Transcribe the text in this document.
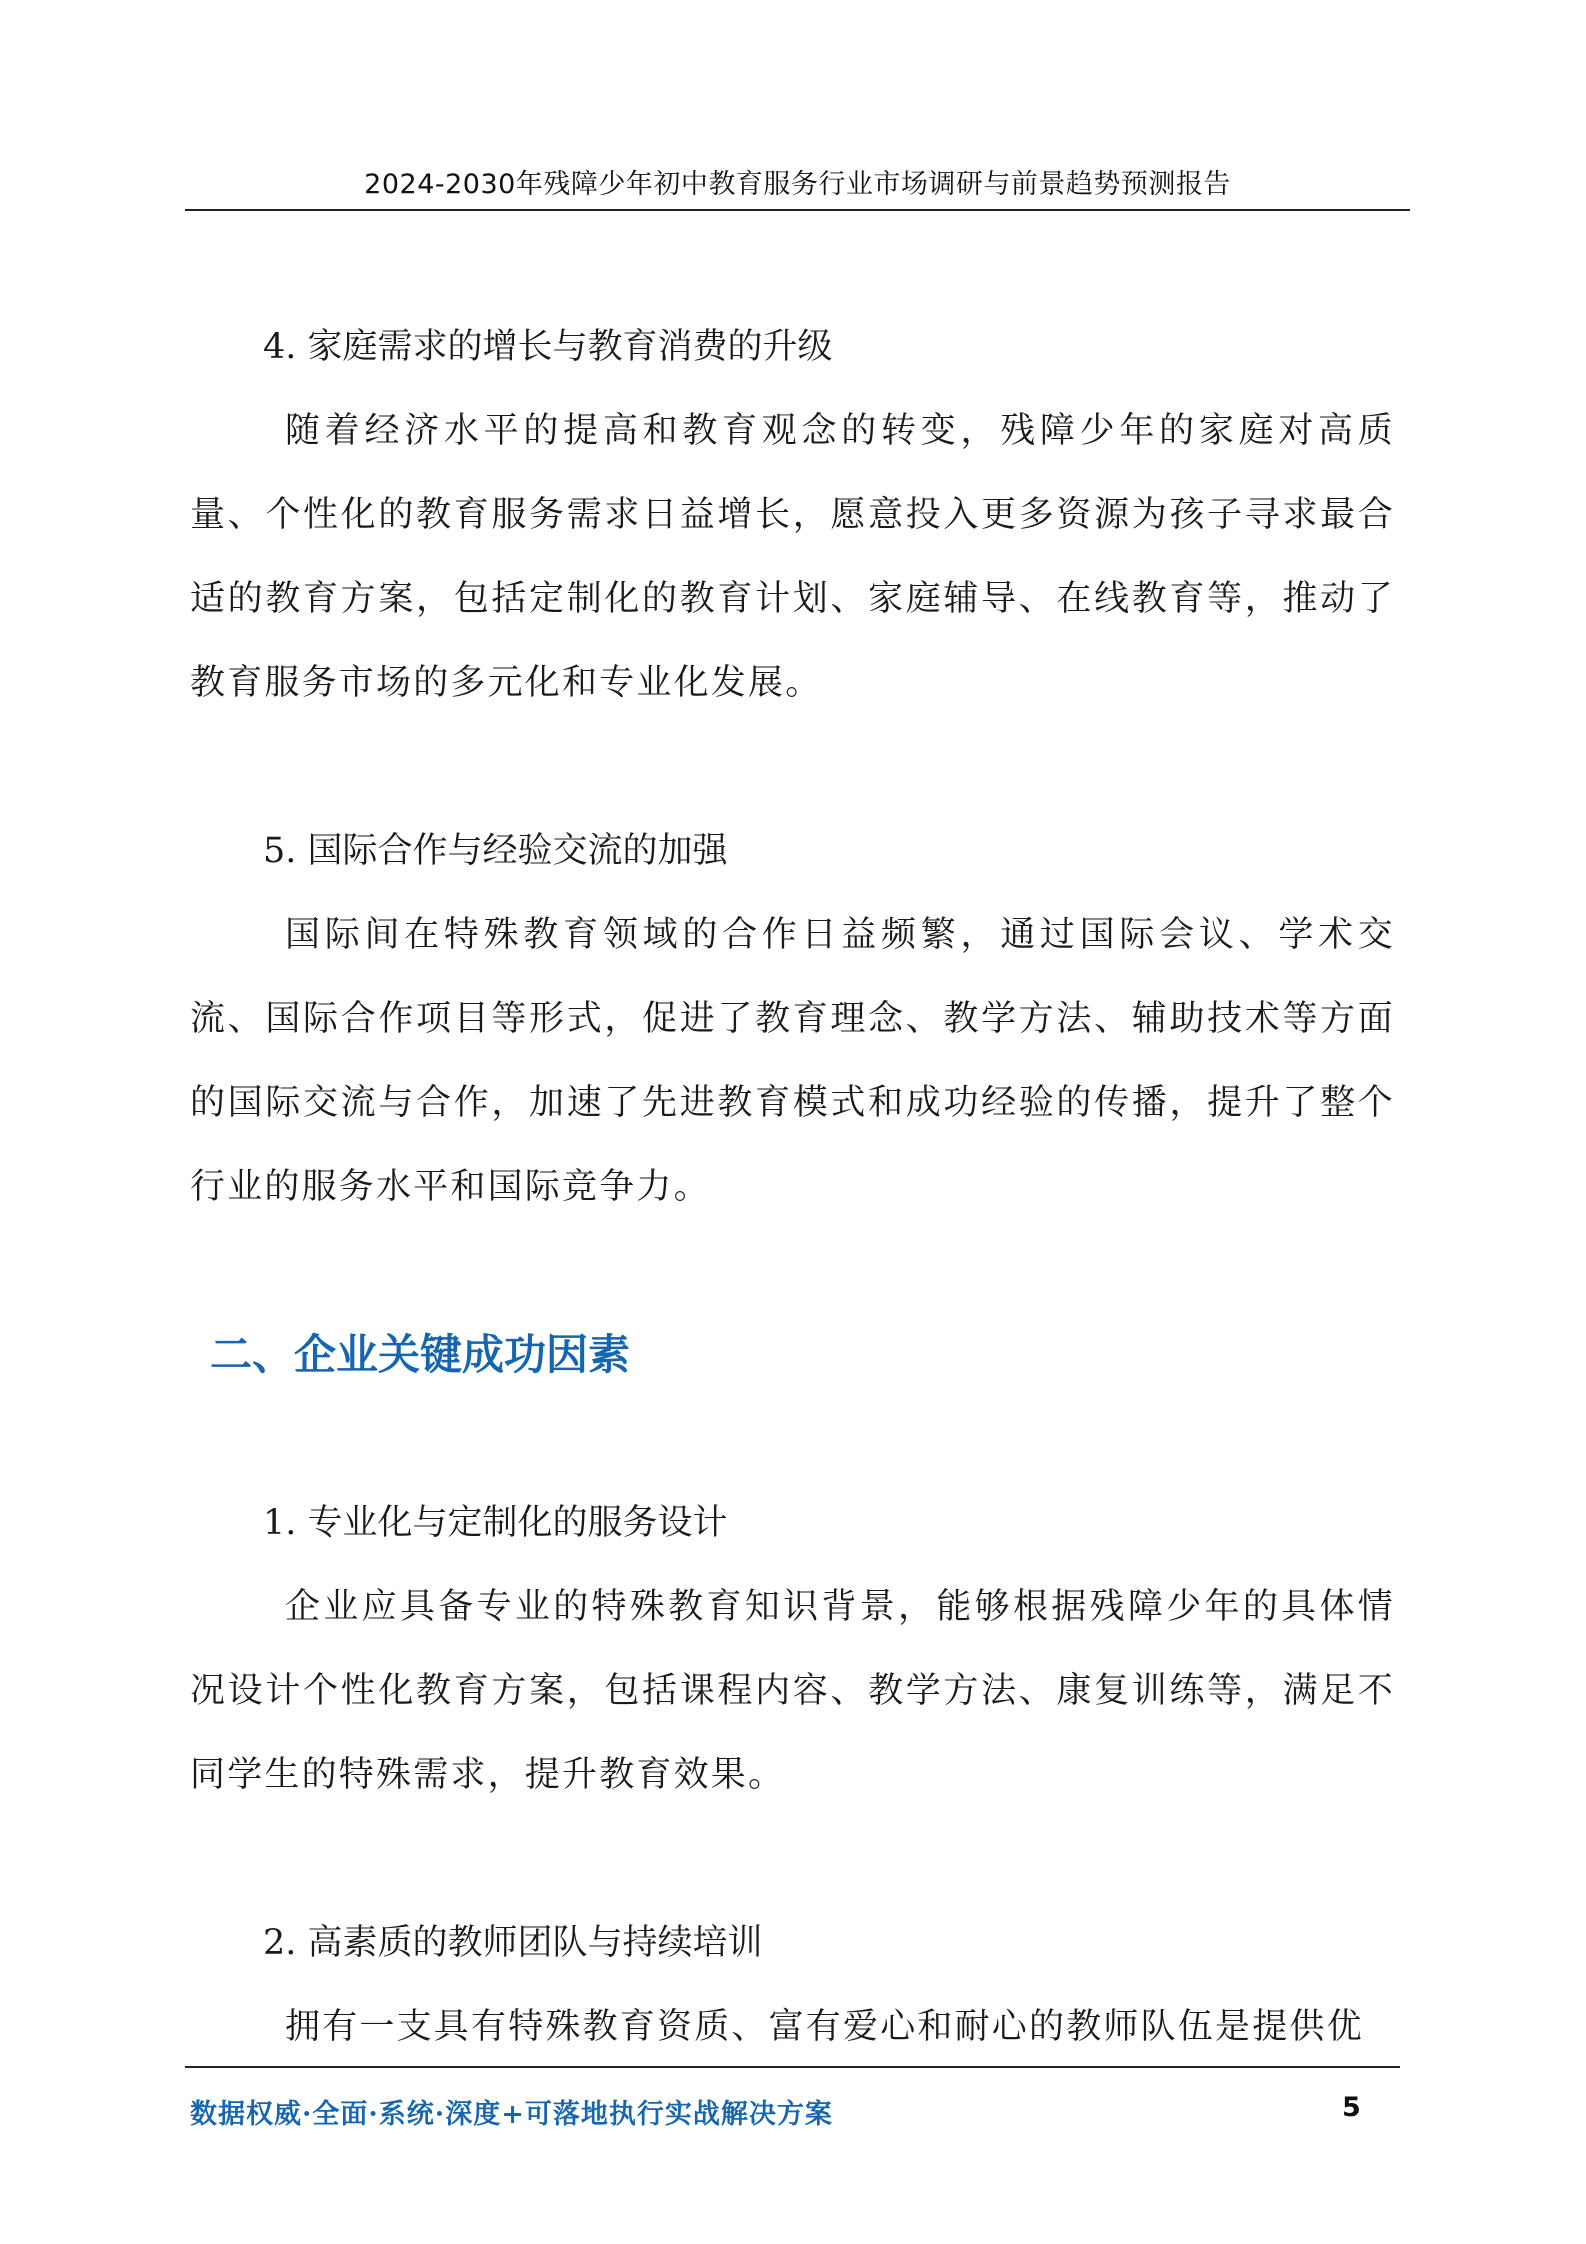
2024-2030年残障少年初中教育服务行业市场调研与前景趋势预测报告

4. 家庭需求的增长与教育消费的升级

随着经济水平的提高和教育观念的转变，残障少年的家庭对高质量、个性化的教育服务需求日益增长，愿意投入更多资源为孩子寻求最合适的教育方案，包括定制化的教育计划、家庭辅导、在线教育等，推动了教育服务市场的多元化和专业化发展。

5. 国际合作与经验交流的加强

国际间在特殊教育领域的合作日益频繁，通过国际会议、学术交流、国际合作项目等形式，促进了教育理念、教学方法、辅助技术等方面的国际交流与合作，加速了先进教育模式和成功经验的传播，提升了整个行业的服务水平和国际竞争力。

二、企业关键成功因素

1. 专业化与定制化的服务设计

企业应具备专业的特殊教育知识背景，能够根据残障少年的具体情况设计个性化教育方案，包括课程内容、教学方法、康复训练等，满足不同学生的特殊需求，提升教育效果。

2. 高素质的教师团队与持续培训

拥有一支具有特殊教育资质、富有爱心和耐心的教师队伍是提供优

数据权威·全面·系统·深度+可落地执行实战解决方案	5
